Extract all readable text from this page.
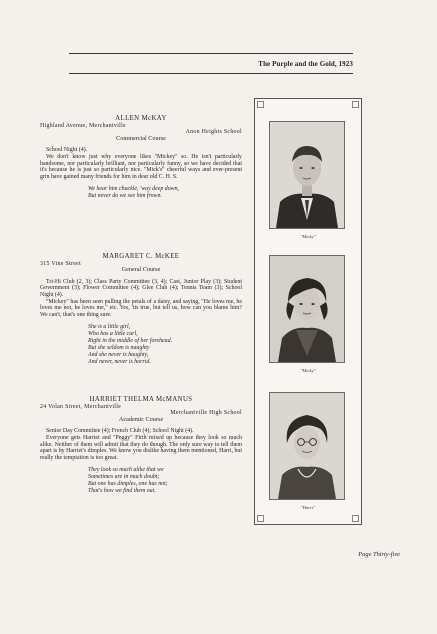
The Purple and the Gold, 1923
ALLEN McKAY
Highland Avenue, Merchantville
Anon Heights School
Commercial Course
School Night (4).
We don't know just why everyone likes "Mickey" so. He isn't particularly handsome, nor particularly brilliant, nor particularly funny, so we have decided that it's because he is just so particularly nice. "Mick's" cheerful ways and ever-present grin have gained many friends for him in dear old C. H. S.
We hear him chuckle, 'way deep down,
But never do we see him frown.
MARGARET C. McKEE
315 Vine Street
General Course
Tri-Hi Club (2, 3); Class Party Committee (3, 4); Cast, Junior Play (3); Student Government (3); Flower Committee (4); Glee Club (4); Tennis Team (3); School Night (4).
"Mickey" has been seen pulling the petals of a daisy, and saying, "He loves me, he loves me not, he loves me," etc. Yes, 'tis true, but tell us, how can you blame him? We can't, that's one thing sure.
She is a little girl,
Who has a little curl,
Right in the middle of her forehead.
But she seldom is naughty
And she never is haughty,
And never, never is horrid.
HARRIET THELMA McMANUS
24 Volan Street, Merchantville
Merchantville High School
Academic Course
Senior Day Committee (4); French Club (4); School Night (4).
Everyone gets Harriet and "Peggy" Firth mixed up because they look so much alike. Neither of them will admit that they do though. The only sure way to tell them apart is by Harriet's dimples. We know you dislike having them mentioned, Harri, but really the temptation is too great.
They look so much alike that we
Sometimes are in much doubt;
But one has dimples, one has not;
That's how we find them out.
"Micky"
"Micky"
"Harri"
Page Thirty-five
